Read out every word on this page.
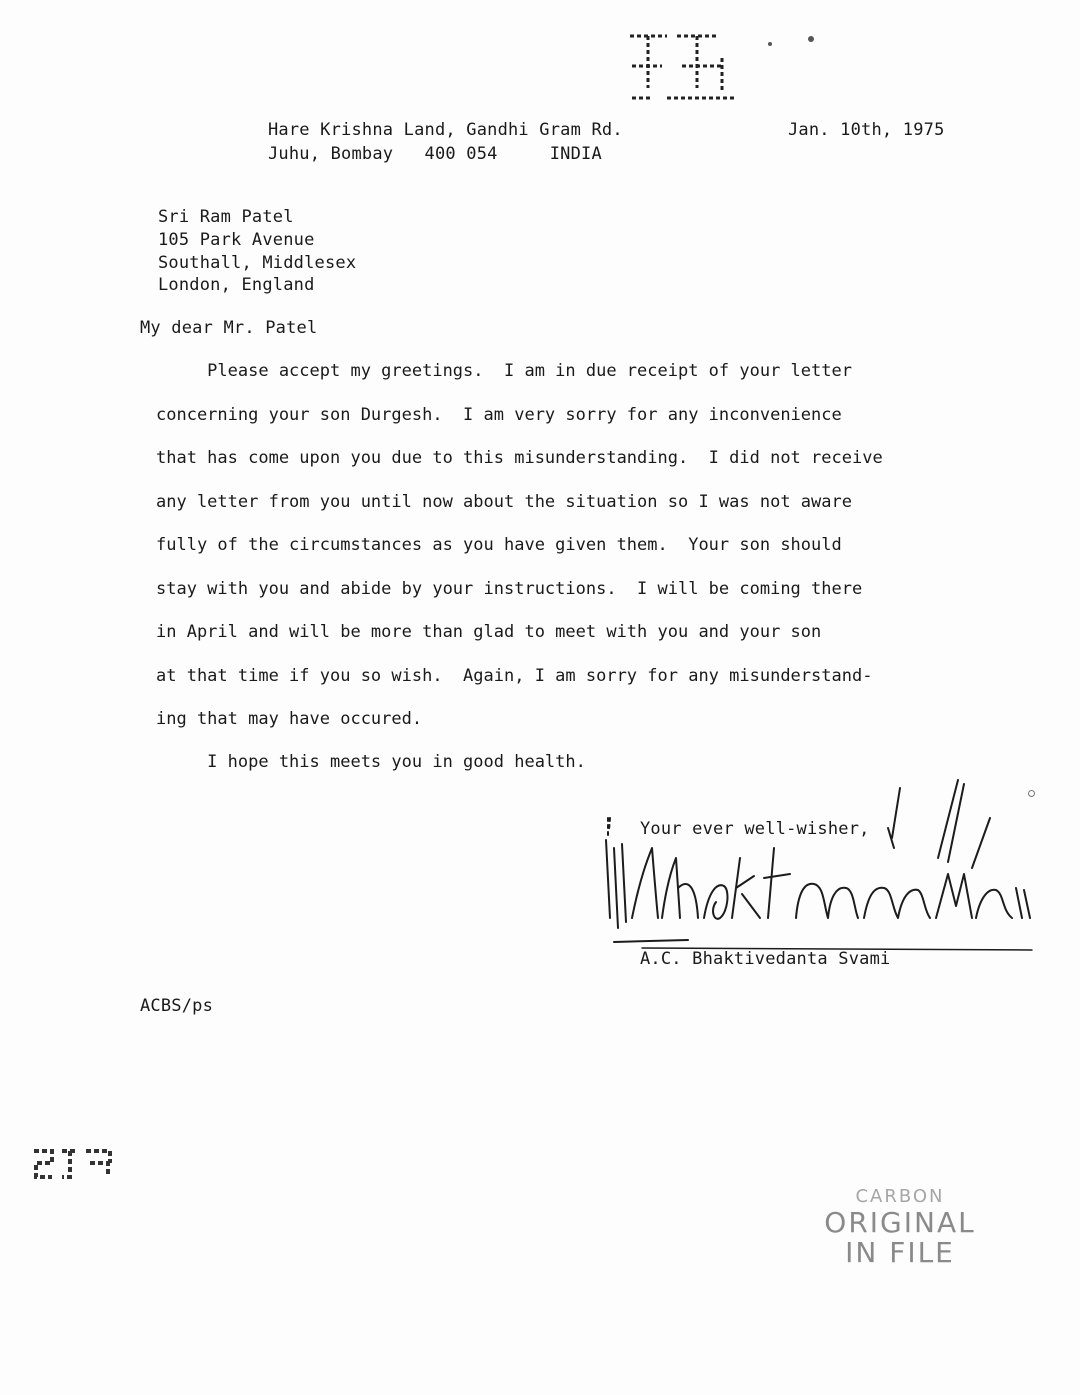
Hare Krishna Land, Gandhi Gram Rd.
Juhu, Bombay   400 054     INDIA
Jan. 10th, 1975
Sri Ram Patel
105 Park Avenue
Southall, Middlesex
London, England
My dear Mr. Patel
Please accept my greetings.  I am in due receipt of your letter
concerning your son Durgesh.  I am very sorry for any inconvenience
that has come upon you due to this misunderstanding.  I did not receive
any letter from you until now about the situation so I was not aware
fully of the circumstances as you have given them.  Your son should
stay with you and abide by your instructions.  I will be coming there
in April and will be more than glad to meet with you and your son
at that time if you so wish.  Again, I am sorry for any misunderstand-
ing that may have occured.
I hope this meets you in good health.
Your ever well-wisher,
A.C. Bhaktivedanta Svami
ACBS/ps
CARBON
ORIGINAL
IN FILE
